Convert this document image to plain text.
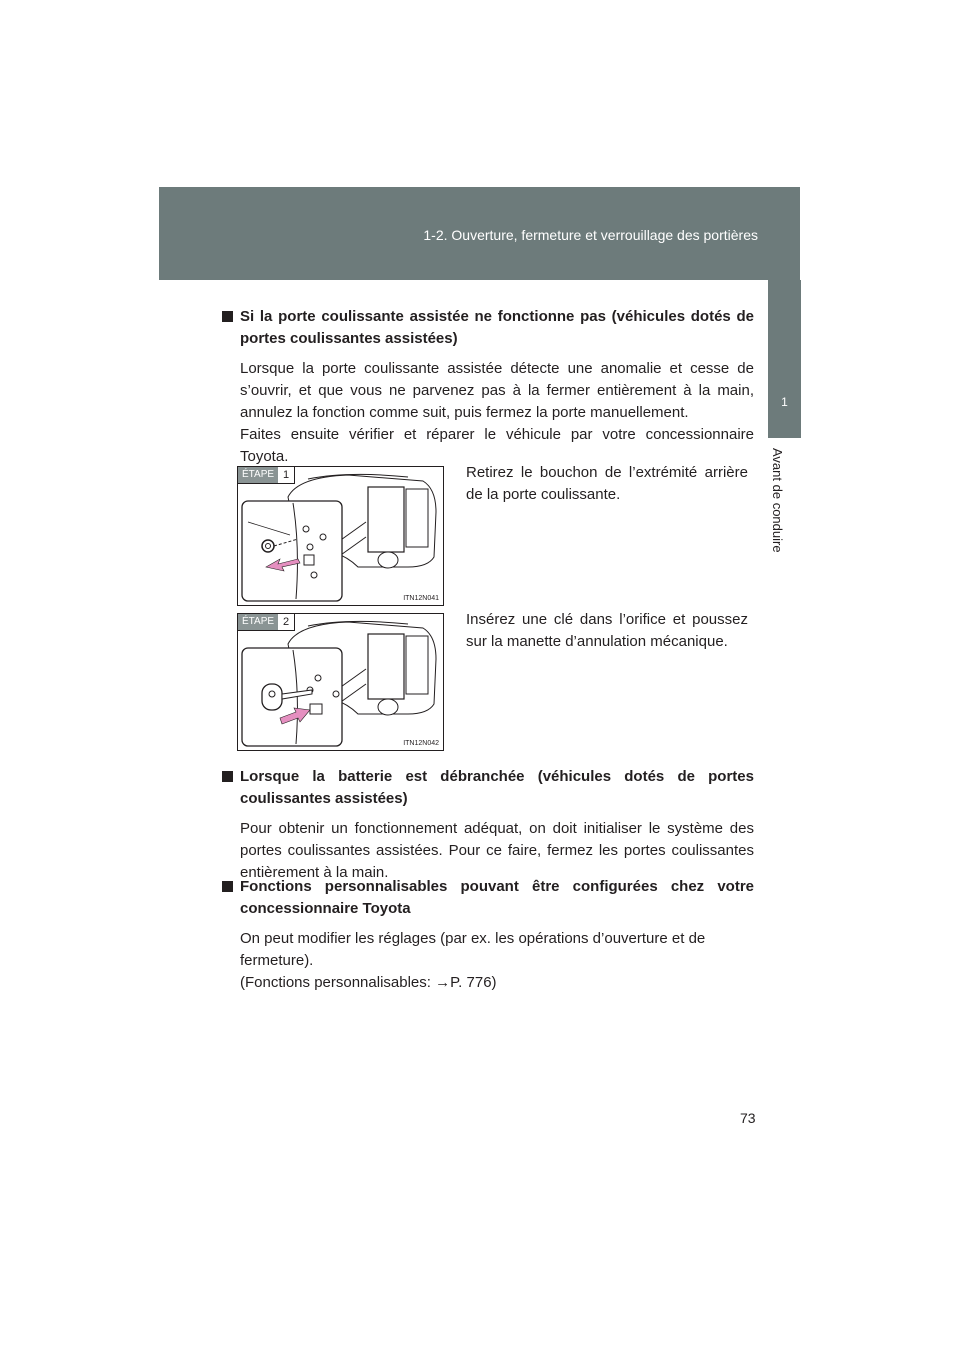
1-2. Ouverture, fermeture et verrouillage des portières
1
Avant de conduire
Si la porte coulissante assistée ne fonctionne pas (véhicules dotés de portes coulissantes assistées)

Lorsque la porte coulissante assistée détecte une anomalie et cesse de s’ouvrir, et que vous ne parvenez pas à la fermer entièrement à la main, annulez la fonction comme suit, puis fermez la porte manuellement.

Faites ensuite vérifier et réparer le véhicule par votre concessionnaire Toyota.

ÉTAPE 1
ITN12N041
Retirez le bouchon de l’extrémité arrière de la porte coulissante.
ÉTAPE 2
ITN12N042
Insérez une clé dans l’orifice et poussez sur la manette d’annulation mécanique.
Lorsque la batterie est débranchée (véhicules dotés de portes coulissantes assistées)

Pour obtenir un fonctionnement adéquat, on doit initialiser le système des portes coulissantes assistées. Pour ce faire, fermez les portes coulissantes entièrement à la main.

Fonctions personnalisables pouvant être configurées chez votre concessionnaire Toyota

On peut modifier les réglages (par ex. les opérations d’ouverture et de fermeture).

(Fonctions personnalisables: →P. 776)

73
